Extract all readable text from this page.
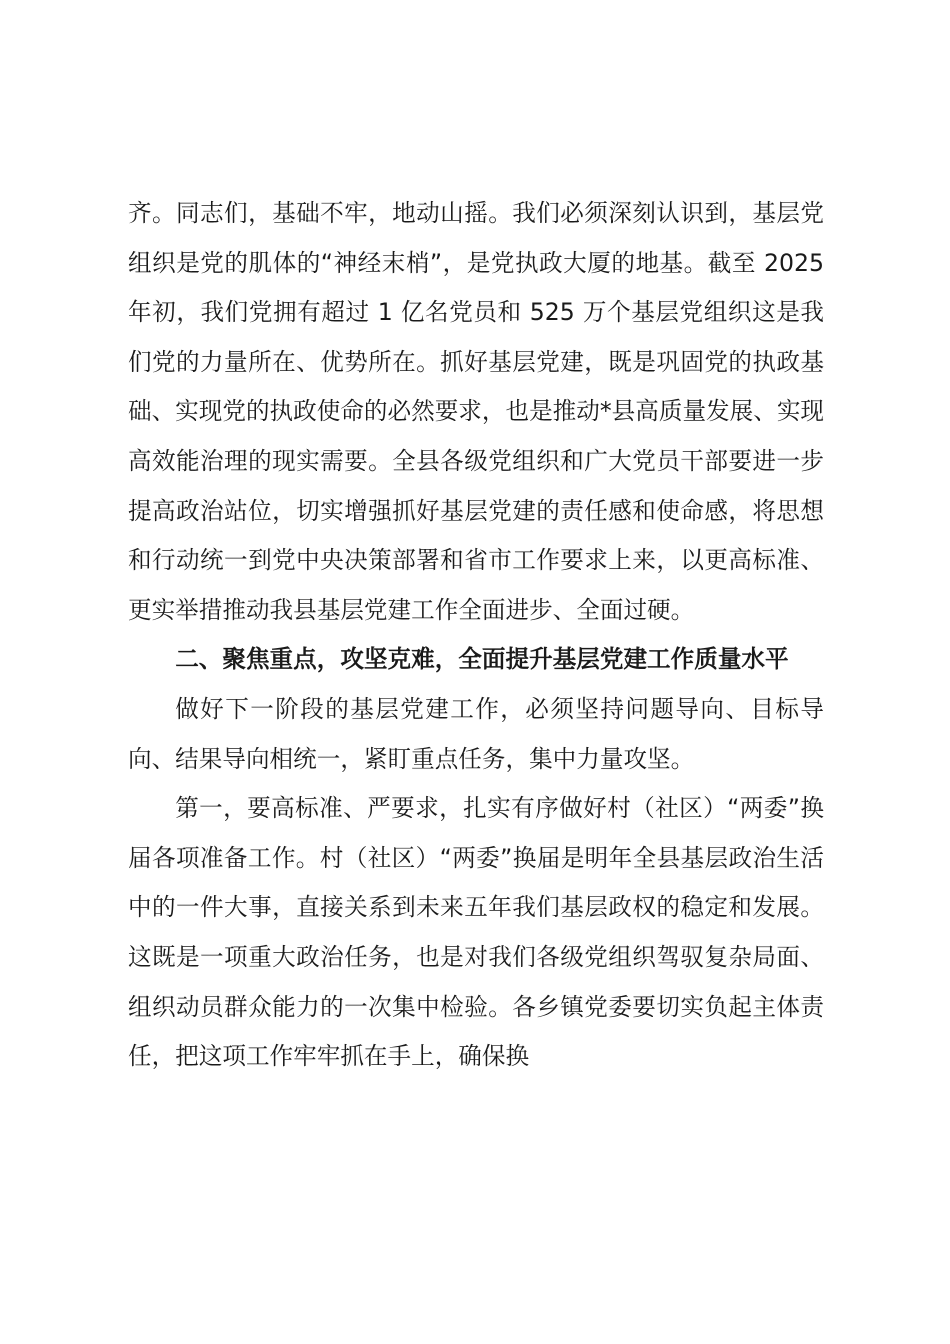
齐。同志们，基础不牢，地动山摇。我们必须深刻认识到，基层党组织是党的肌体的“神经末梢”，是党执政大厦的地基。截至 2025 年初，我们党拥有超过 1 亿名党员和 525 万个基层党组织这是我们党的力量所在、优势所在。抓好基层党建，既是巩固党的执政基础、实现党的执政使命的必然要求，也是推动*县高质量发展、实现高效能治理的现实需要。全县各级党组织和广大党员干部要进一步提高政治站位，切实增强抓好基层党建的责任感和使命感，将思想和行动统一到党中央决策部署和省市工作要求上来，以更高标准、更实举措推动我县基层党建工作全面进步、全面过硬。

二、聚焦重点，攻坚克难，全面提升基层党建工作质量水平

做好下一阶段的基层党建工作，必须坚持问题导向、目标导向、结果导向相统一，紧盯重点任务，集中力量攻坚。

第一，要高标准、严要求，扎实有序做好村（社区）“两委”换届各项准备工作。村（社区）“两委”换届是明年全县基层政治生活中的一件大事，直接关系到未来五年我们基层政权的稳定和发展。这既是一项重大政治任务，也是对我们各级党组织驾驭复杂局面、组织动员群众能力的一次集中检验。各乡镇党委要切实负起主体责任，把这项工作牢牢抓在手上，确保换
